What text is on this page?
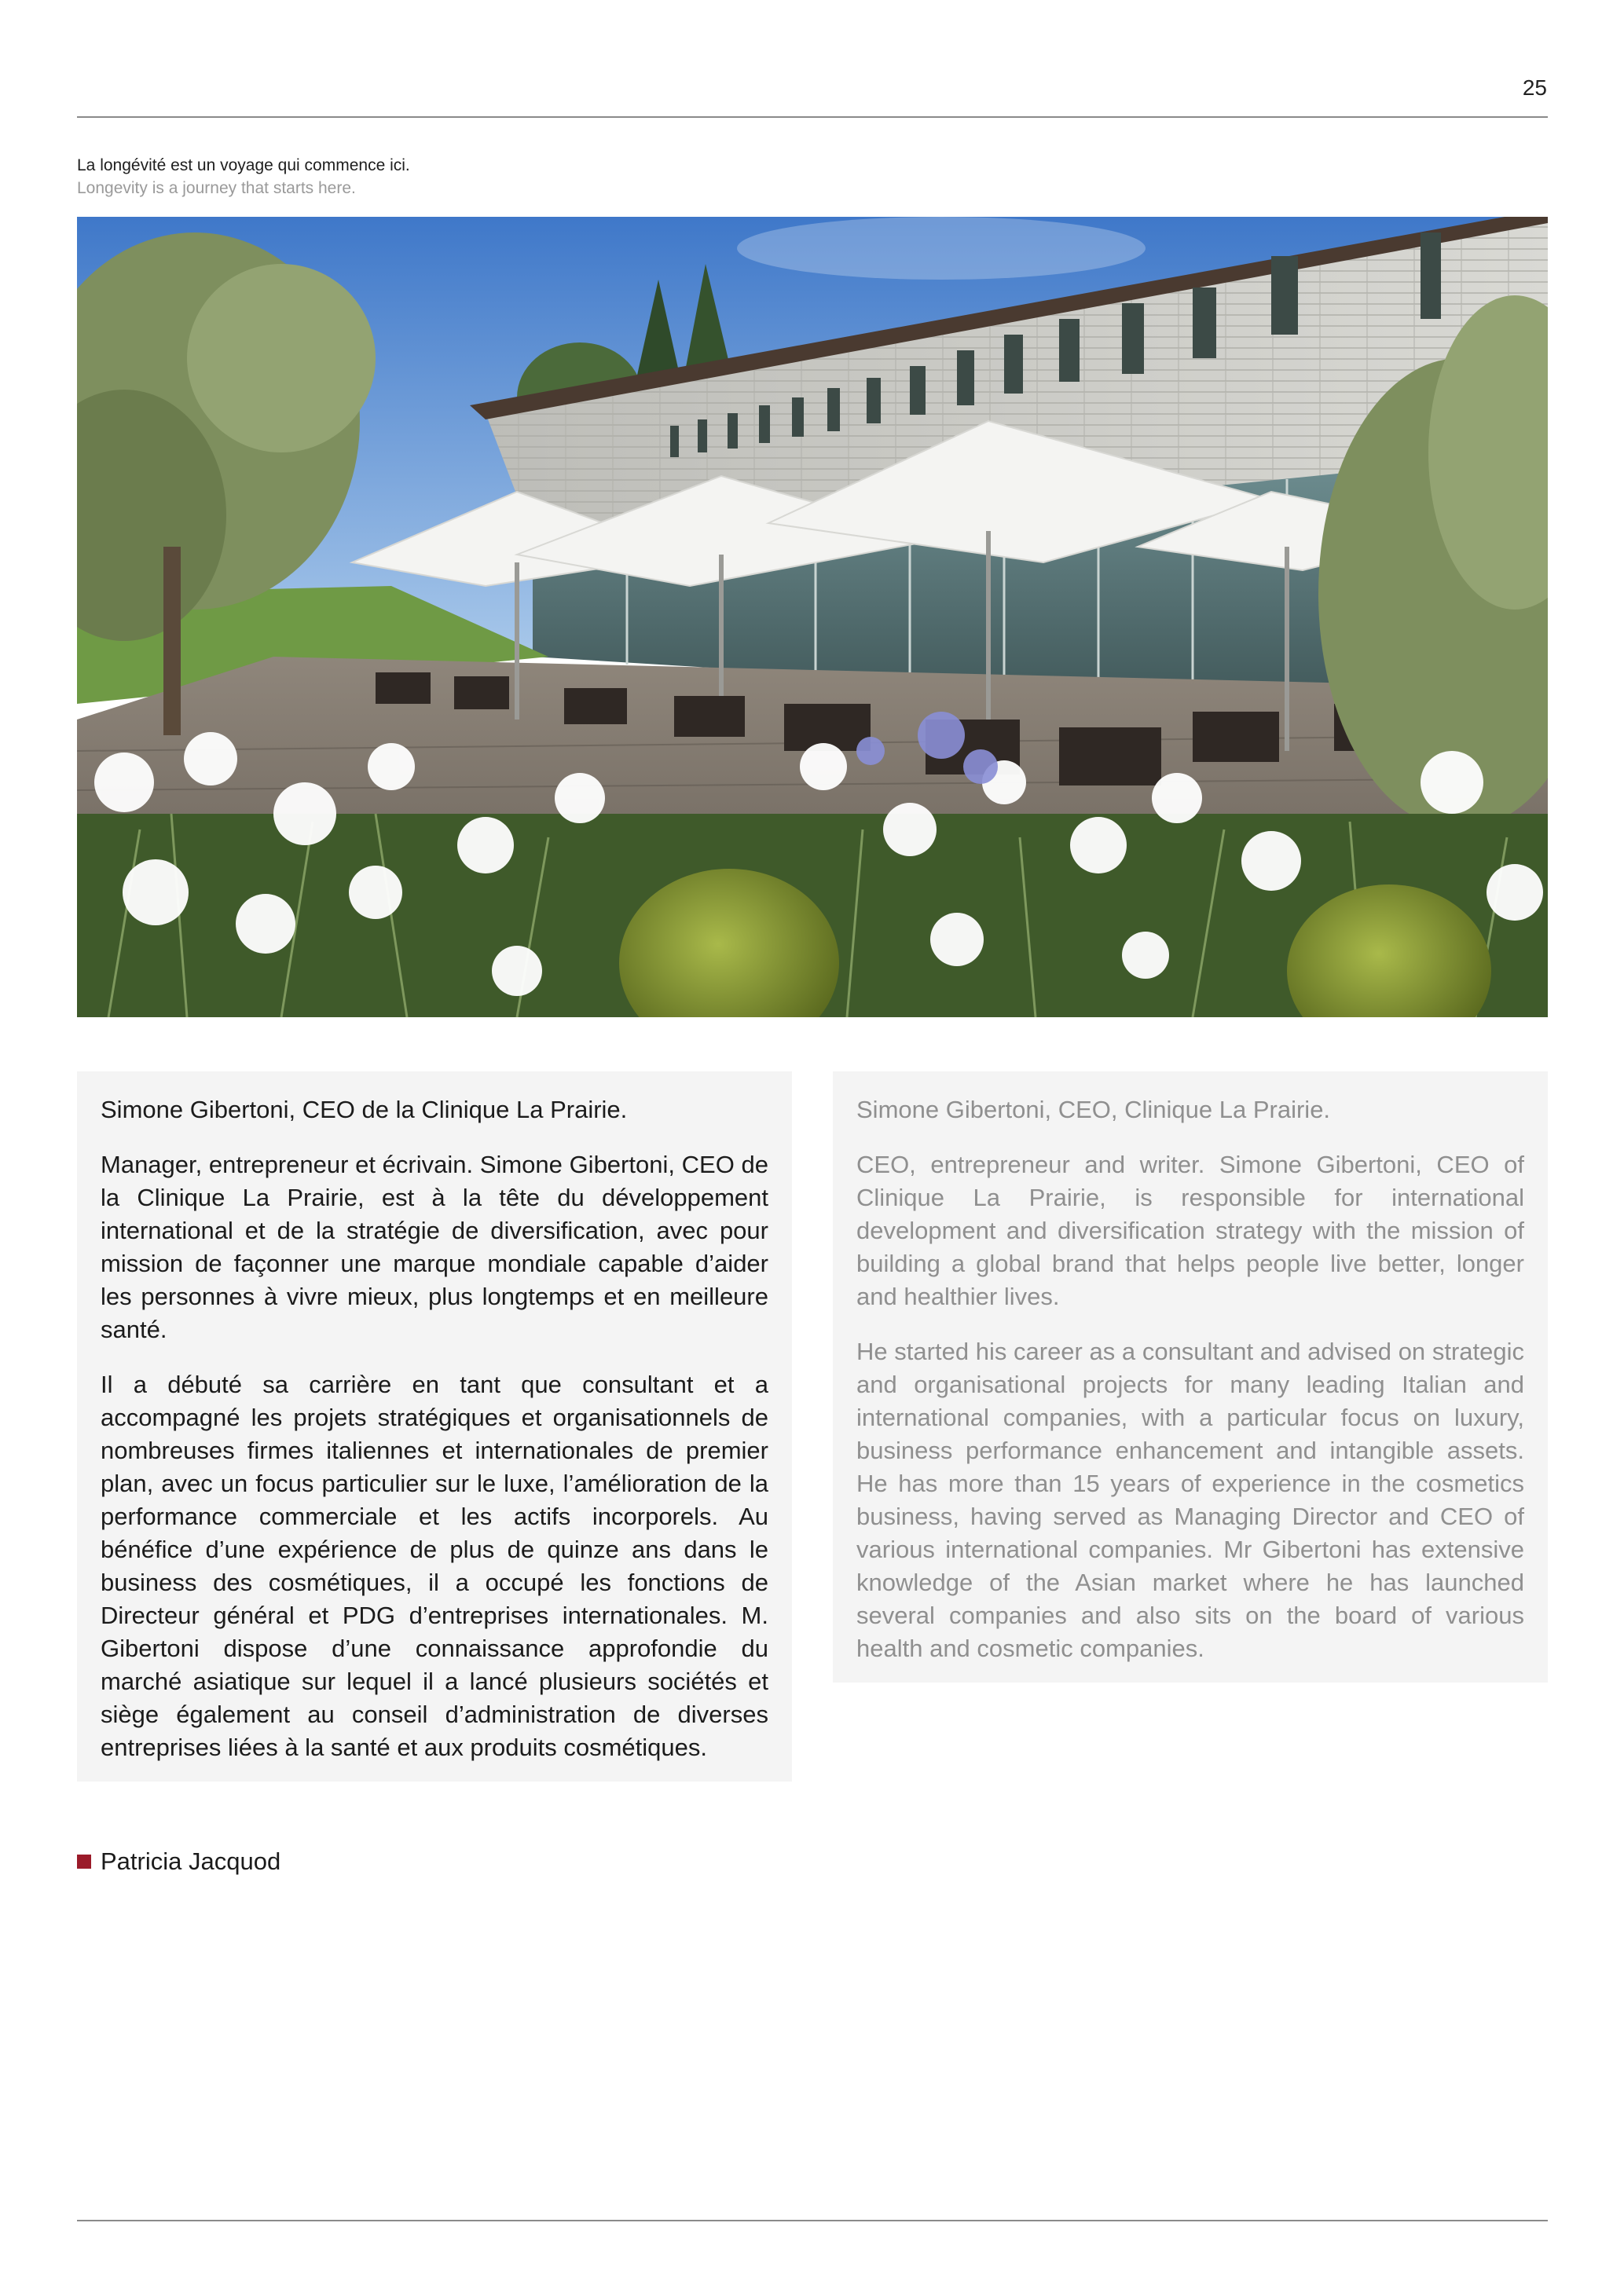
25
La longévité est un voyage qui commence ici.
Longevity is a journey that starts here.
Simone Gibertoni, CEO de la Clinique La Prairie.

Manager, entrepreneur et écrivain. Simone Gibertoni, CEO de la Clinique La Prairie, est à la tête du développement international et de la stratégie de diversification, avec pour mission de façonner une marque mondiale capable d’aider les personnes à vivre mieux, plus longtemps et en meilleure santé.

Il a débuté sa carrière en tant que consultant et a accompagné les projets stratégiques et organisationnels de nombreuses firmes italiennes et internationales de premier plan, avec un focus particulier sur le luxe, l’amélioration de la performance commerciale et les actifs incorporels. Au bénéfice d’une expérience de plus de quinze ans dans le business des cosmétiques, il a occupé les fonctions de Directeur général et PDG d’entreprises internationales. M. Gibertoni dispose d’une connaissance approfondie du marché asiatique sur lequel il a lancé plusieurs sociétés et siège également au conseil d’administration de diverses entreprises liées à la santé et aux produits cosmétiques.

Simone Gibertoni, CEO, Clinique La Prairie.

CEO, entrepreneur and writer. Simone Gibertoni, CEO of Clinique La Prairie, is responsible for international development and diversification strategy with the mission of building a global brand that helps people live better, longer and healthier lives.

He started his career as a consultant and advised on strategic and organisational projects for many leading Italian and international companies, with a particular focus on luxury, business performance enhancement and intangible assets. He has more than 15 years of experience in the cosmetics business, having served as Managing Director and CEO of various international companies. Mr Gibertoni has extensive knowledge of the Asian market where he has launched several companies and also sits on the board of various health and cosmetic companies.

Patricia Jacquod
